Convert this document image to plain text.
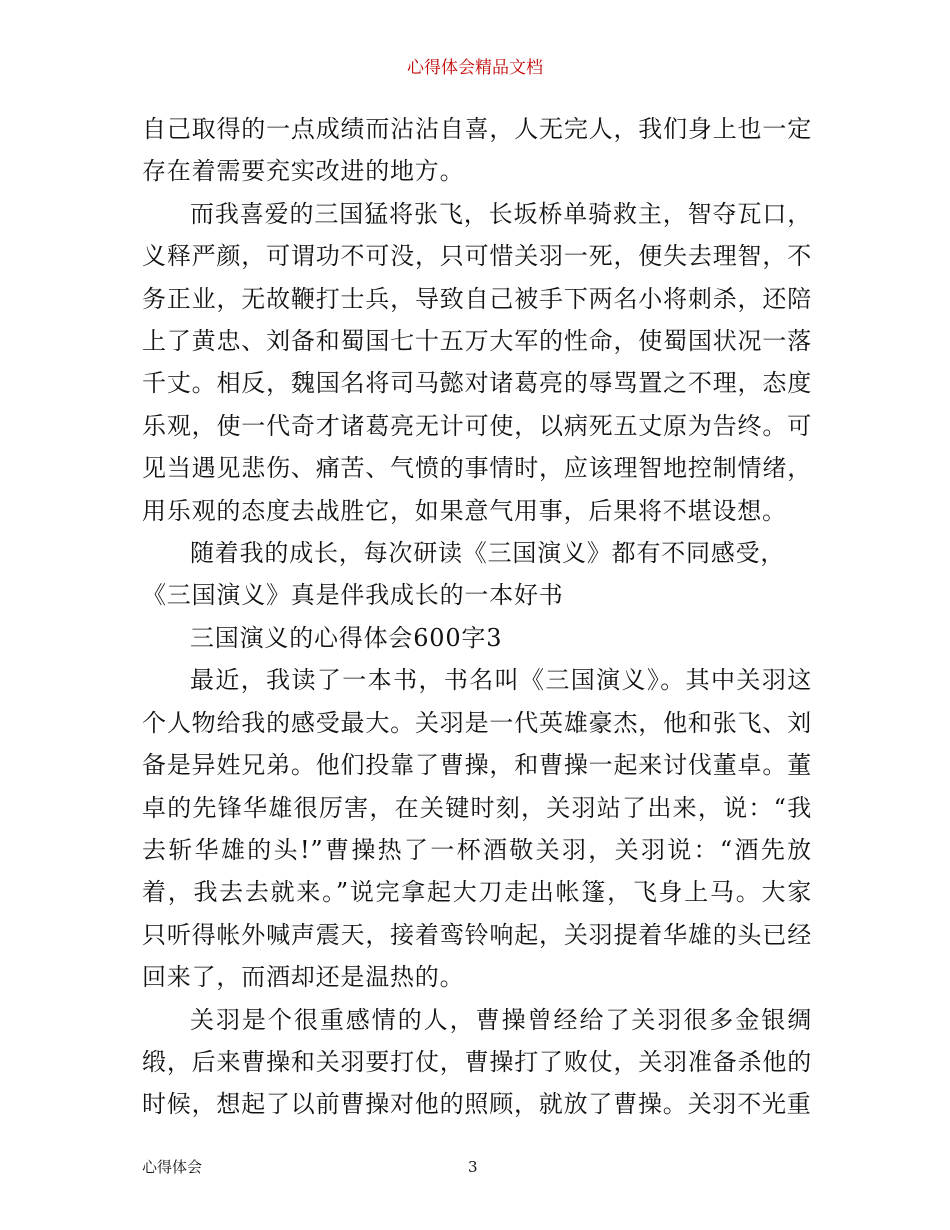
心得体会精品文档

自己取得的一点成绩而沾沾自喜，人无完人，我们身上也一定存在着需要充实改进的地方。

而我喜爱的三国猛将张飞，长坂桥单骑救主，智夺瓦口，义释严颜，可谓功不可没，只可惜关羽一死，便失去理智，不务正业，无故鞭打士兵，导致自己被手下两名小将刺杀，还陪上了黄忠、刘备和蜀国七十五万大军的性命，使蜀国状况一落千丈。相反，魏国名将司马懿对诸葛亮的辱骂置之不理，态度乐观，使一代奇才诸葛亮无计可使，以病死五丈原为告终。可见当遇见悲伤、痛苦、气愤的事情时，应该理智地控制情绪，用乐观的态度去战胜它，如果意气用事，后果将不堪设想。

随着我的成长，每次研读《三国演义》都有不同感受，

《三国演义》真是伴我成长的一本好书

三国演义的心得体会600字3

最近，我读了一本书，书名叫《三国演义》。其中关羽这个人物给我的感受最大。关羽是一代英雄豪杰，他和张飞、刘备是异姓兄弟。他们投靠了曹操，和曹操一起来讨伐董卓。董卓的先锋华雄很厉害，在关键时刻，关羽站了出来，说：“我去斩华雄的头!”曹操热了一杯酒敬关羽，关羽说：“酒先放着，我去去就来。”说完拿起大刀走出帐篷，飞身上马。大家只听得帐外喊声震天，接着鸾铃响起，关羽提着华雄的头已经回来了，而酒却还是温热的。

关羽是个很重感情的人，曹操曾经给了关羽很多金银绸缎，后来曹操和关羽要打仗，曹操打了败仗，关羽准备杀他的时候，想起了以前曹操对他的照顾，就放了曹操。关羽不光重

心得体会	3
